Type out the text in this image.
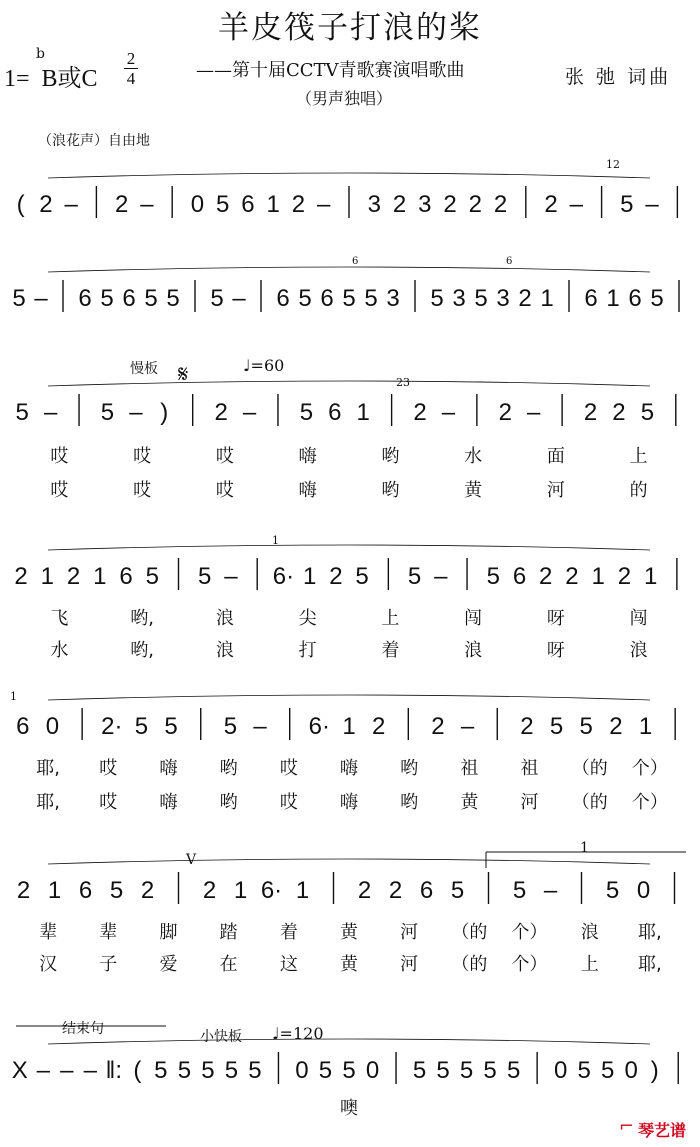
羊皮筏子打浪的桨
1= B或C
b	2
4	——第十届CCTV青歌赛演唱歌曲
（男声独唱）
张 弛 词曲
（浪花声）自由地
慢板	♩=60
结束句	小快板 ♩=120
1
V
12
23
1
1
𝄋
6	6
( 2 – 2 – 0 5 6 1 2 – 3 2 3 2 2 2 2 – 5 –
5 – 6 5 6 5 5 5 – 6 5 6 5 5 3 5 3 5 3 2 1 6 1 6 5
5 – 5 – ) 2 – 5 6 1 2 – 2 – 2 2 5
哎	哎	哎	嗨	哟	水	面	上
哎	哎	哎	嗨	哟	黄	河	的
2 1 2 1 6 5 5 – 6· 1 2 5 5 – 5 6 2 2 1 2 1
飞	哟,	浪	尖	上	闯	呀	闯
水	哟,	浪	打	着	浪	呀	浪
6 0 2· 5 5 5 – 6· 1 2 2 – 2 5 5 2 1
耶, 哎 嗨 哟 哎 嗨 哟 祖 祖 （的 个）
耶, 哎 嗨 哟 哎 嗨 哟 黄 河 （的 个）
2 1 6 5 2 2 1 6· 1 2 2 6 5 5 – 5 0
辈 辈 脚 踏 着 黄 河 （的 个） 浪 耶,
汉 子 爱 在 这 黄 河 （的 个） 上 耶,
X – – – ‖: ( 5 5 5 5 5 0 5 5 0 5 5 5 5 5 0 5 5 0 )
噢
⌐ 琴艺谱
